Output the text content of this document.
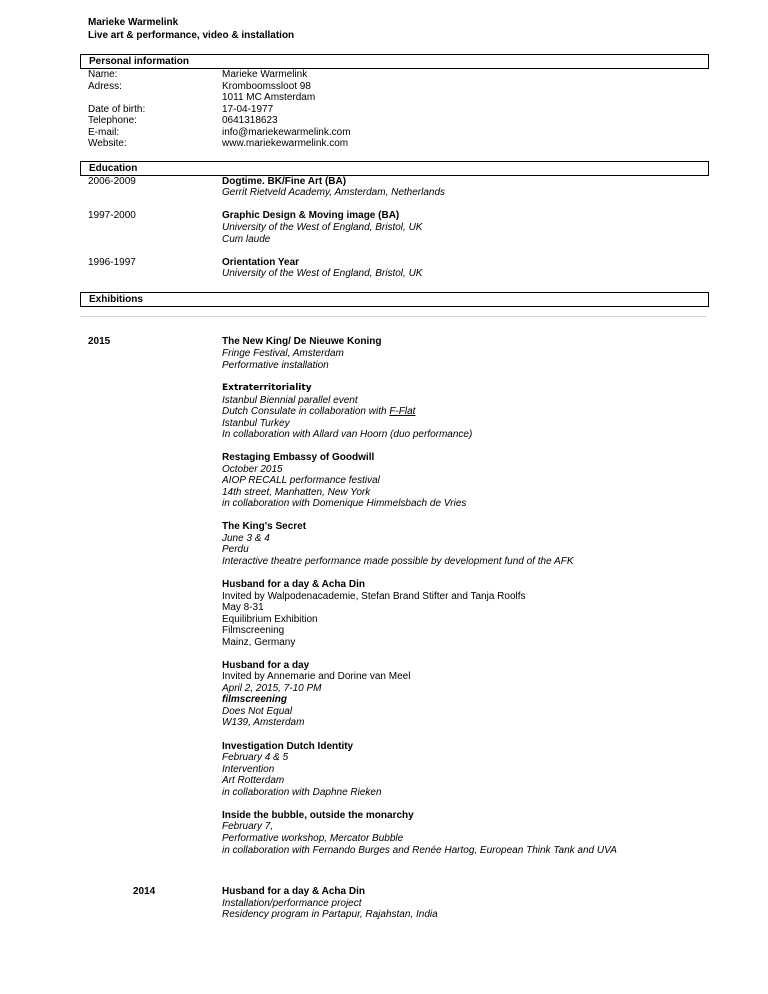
Marieke Warmelink
Live art & performance, video & installation
Personal information
Name:	Marieke Warmelink
Adress:	Kromboomssloot 98
1011 MC Amsterdam
Date of birth:	17-04-1977
Telephone:	0641318623
E-mail:	info@mariekewarmelink.com
Website:	www.mariekewarmelink.com
Education
2006-2009	Dogtime. BK/Fine Art (BA)
Gerrit Rietveld Academy, Amsterdam, Netherlands
1997-2000	Graphic Design & Moving image (BA)
University of the West of England, Bristol, UK
Cum laude
1996-1997	Orientation Year
University of the West of England, Bristol, UK
Exhibitions
2015	The New King/ De Nieuwe Koning
Fringe Festival, Amsterdam
Performative installation
Extraterritoriality
Istanbul Biennial parallel event
Dutch Consulate in collaboration with F-Flat
Istanbul Turkey
In collaboration with Allard van Hoorn (duo performance)
Restaging Embassy of Goodwill
October 2015
AIOP RECALL performance festival
14th street, Manhatten, New York
in collaboration with Domenique Himmelsbach de Vries
The King's Secret
June 3 & 4
Perdu
Interactive theatre performance made possible by development fund of the AFK
Husband for a day & Acha Din
Invited by Walpodenacademie, Stefan Brand Stifter and Tanja Roolfs
May 8-31
Equilibrium Exhibition
Filmscreening
Mainz, Germany
Husband for a day
Invited by Annemarie and Dorine van Meel
April 2, 2015, 7-10 PM
filmscreening
Does Not Equal
W139, Amsterdam
Investigation Dutch Identity
February 4 & 5
Intervention
Art Rotterdam
in collaboration with Daphne Rieken
Inside the bubble, outside the monarchy
February 7,
Performative workshop, Mercator Bubble
in collaboration with Fernando Burges and Renée Hartog, European Think Tank and UVA
2014	Husband for a day & Acha Din
Installation/performance project
Residency program in Partapur, Rajahstan, India
